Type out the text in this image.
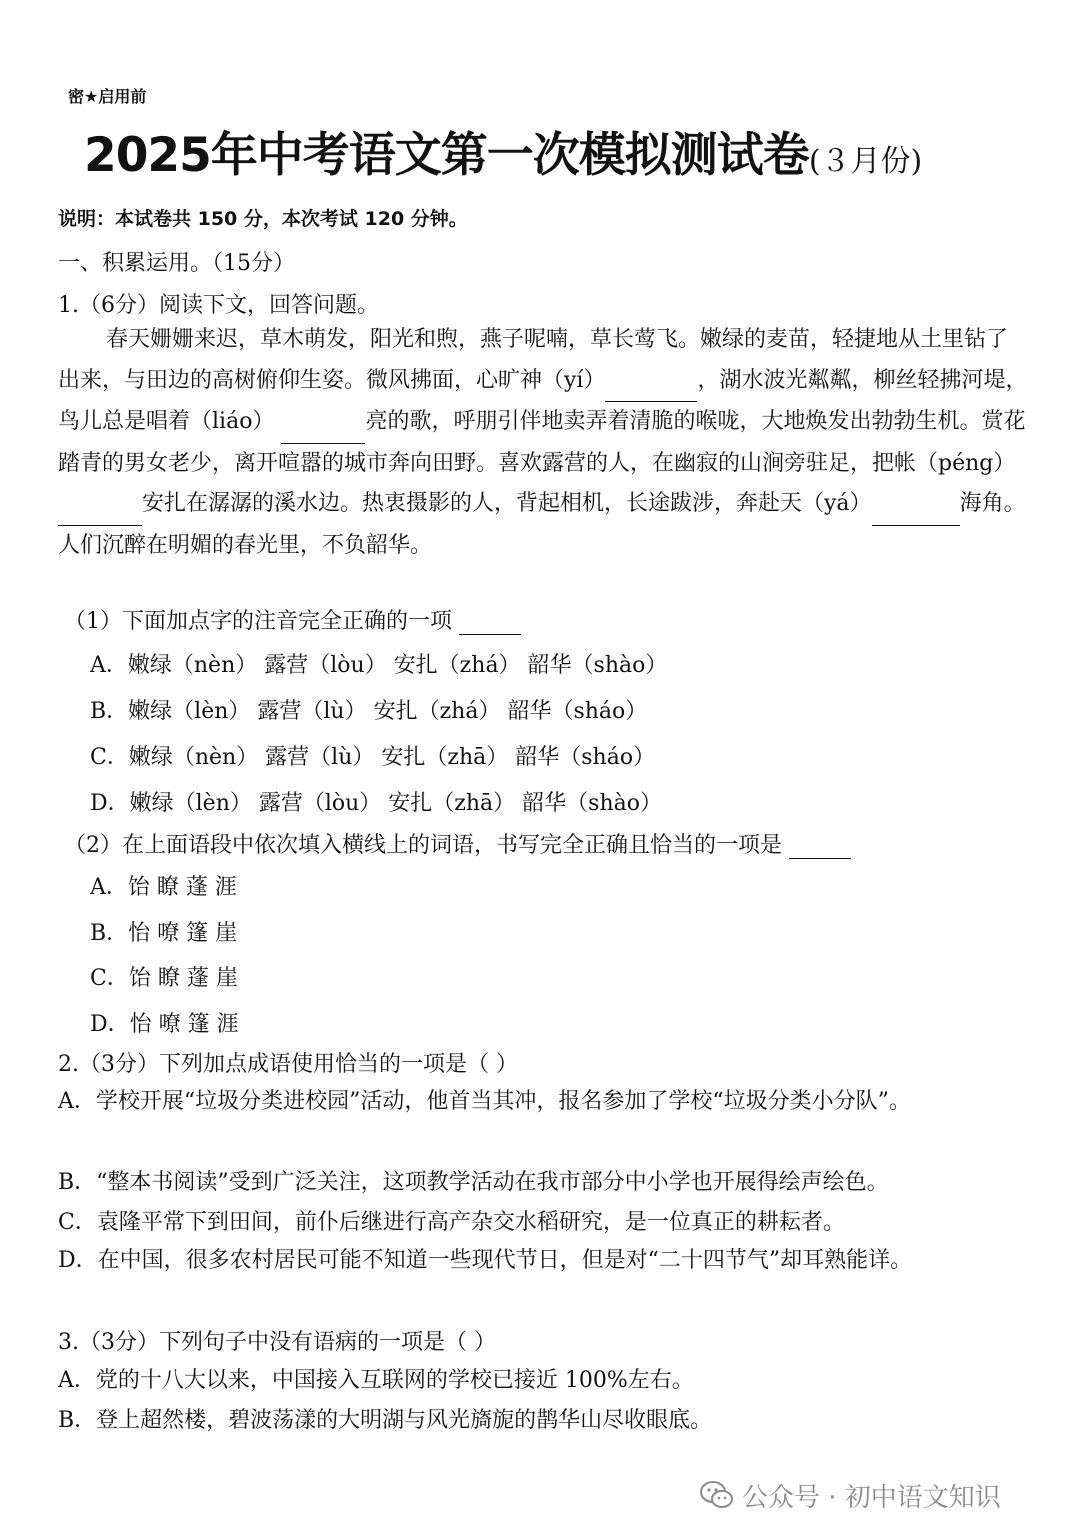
密★启用前
2025年中考语文第一次模拟测试卷(３月份)
说明：本试卷共 150 分，本次考试 120 分钟。
一、积累运用。（15分）
1.（6分）阅读下文，回答问题。
春天姗姗来迟，草木萌发，阳光和煦，燕子呢喃，草长莺飞。嫩绿的麦苗，轻捷地从土里钻了出来，与田边的高树俯仰生姿。微风拂面，心旷神（yí）	，湖水波光粼粼，柳丝轻拂河堤，鸟儿总是唱着（liáo）	亮的歌，呼朋引伴地卖弄着清脆的喉咙，大地焕发出勃勃生机。赏花踏青的男女老少，离开喧嚣的城市奔向田野。喜欢露营的人，在幽寂的山涧旁驻足，把帐（péng） 安扎在潺潺的溪水边。热衷摄影的人，背起相机，长途跋涉，奔赴天（yá）	海角。人们沉醉在明媚的春光里，不负韶华。
（1）下面加点字的注音完全正确的一项
A．嫩绿（nèn） 露营（lòu） 安扎（zhá） 韶华（shào）
B．嫩绿（lèn） 露营（lù） 安扎（zhá） 韶华（sháo）
C．嫩绿（nèn） 露营（lù） 安扎（zhā） 韶华（sháo）
D．嫩绿（lèn） 露营（lòu） 安扎（zhā） 韶华（shào）
（2）在上面语段中依次填入横线上的词语，书写完全正确且恰当的一项是
A．饴 瞭 蓬 涯
B．怡 嘹 篷 崖
C．饴 瞭 蓬 崖
D．怡 嘹 篷 涯
2.（3分）下列加点成语使用恰当的一项是（ ）
A．学校开展“垃圾分类进校园”活动，他首当其冲，报名参加了学校“垃圾分类小分队”。
B．“整本书阅读”受到广泛关注，这项教学活动在我市部分中小学也开展得绘声绘色。
C．袁隆平常下到田间，前仆后继进行高产杂交水稻研究，是一位真正的耕耘者。
D．在中国，很多农村居民可能不知道一些现代节日，但是对“二十四节气”却耳熟能详。
3.（3分）下列句子中没有语病的一项是（ ）
A．党的十八大以来，中国接入互联网的学校已接近 100%左右。
B．登上超然楼，碧波荡漾的大明湖与风光旖旎的鹊华山尽收眼底。
公众号 · 初中语文知识
